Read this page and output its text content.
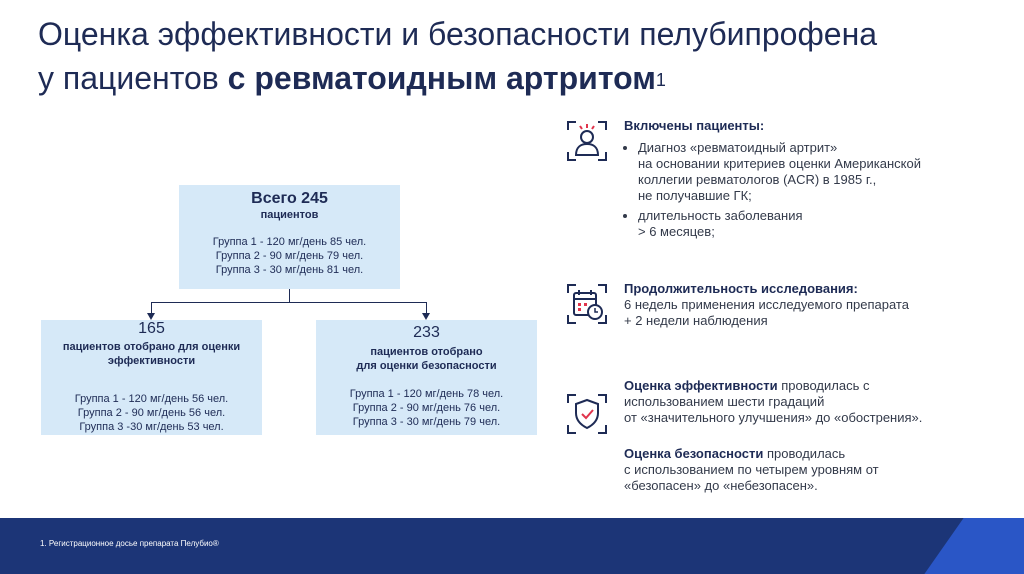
Оценка эффективности и безопасности пелубипрофена
у пациентов с ревматоидным артритом$^1$
Всего 245
пациентов
Группа 1 - 120 мг/день 85 чел.
Группа 2 - 90 мг/день 79 чел.
Группа 3 - 30 мг/день 81 чел.
165
пациентов отобрано для оценки эффективности
Группа 1 - 120 мг/день 56 чел.
Группа 2 - 90 мг/день 56 чел.
Группа 3 -30 мг/день 53 чел.
233
пациентов отобрано
для оценки безопасности
Группа 1 - 120 мг/день 78 чел.
Группа 2 - 90 мг/день 76 чел.
Группа 3 - 30 мг/день 79 чел.
Включены пациенты:
• Диагноз «ревматоидный артрит»
на основании критериев оценки Американской
коллегии ревматологов (ACR) в 1985 г.,
не получавшие ГК;
• длительность заболевания
> 6 месяцев;
Продолжительность исследования:
6 недель применения исследуемого препарата
+ 2 недели наблюдения
Оценка эффективности проводилась с
использованием шести градаций
от «значительного улучшения» до «обострения».
Оценка безопасности проводилась
с использованием по четырем уровням от
«безопасен» до «небезопасен».
1. Регистрационное досье препарата Пелубио®
